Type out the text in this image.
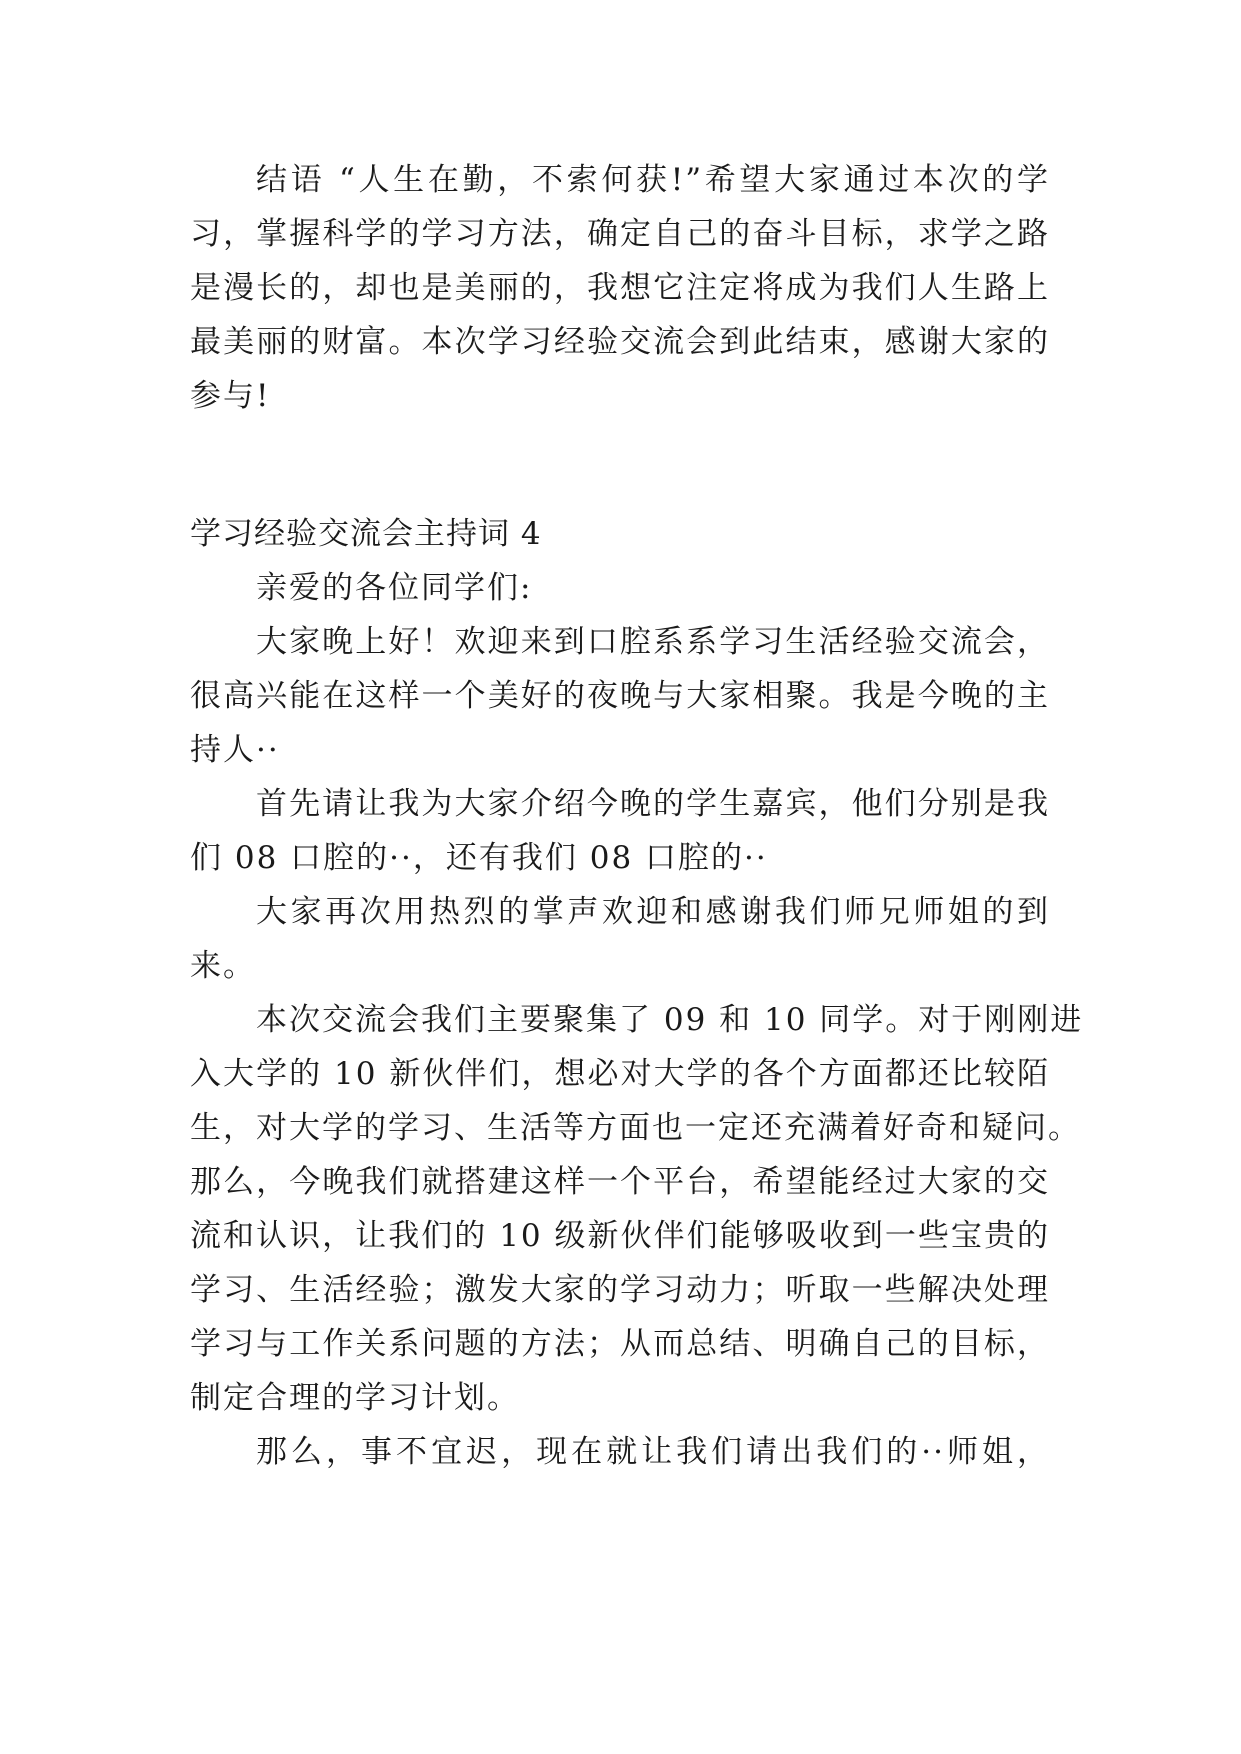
结语 “人生在勤，不索何获!”希望大家通过本次的学
习，掌握科学的学习方法，确定自己的奋斗目标，求学之路
是漫长的，却也是美丽的，我想它注定将成为我们人生路上
最美丽的财富。本次学习经验交流会到此结束，感谢大家的
参与!
学习经验交流会主持词 4
亲爱的各位同学们:
大家晚上好！欢迎来到口腔系系学习生活经验交流会，
很高兴能在这样一个美好的夜晚与大家相聚。我是今晚的主
持人··
首先请让我为大家介绍今晚的学生嘉宾，他们分别是我
们 08 口腔的··，还有我们 08 口腔的··
大家再次用热烈的掌声欢迎和感谢我们师兄师姐的到
来。
本次交流会我们主要聚集了 09 和 10 同学。对于刚刚进
入大学的 10 新伙伴们，想必对大学的各个方面都还比较陌
生，对大学的学习、生活等方面也一定还充满着好奇和疑问。
那么，今晚我们就搭建这样一个平台，希望能经过大家的交
流和认识，让我们的 10 级新伙伴们能够吸收到一些宝贵的
学习、生活经验；激发大家的学习动力；听取一些解决处理
学习与工作关系问题的方法；从而总结、明确自己的目标，
制定合理的学习计划。
那么，事不宜迟，现在就让我们请出我们的··师姐，
